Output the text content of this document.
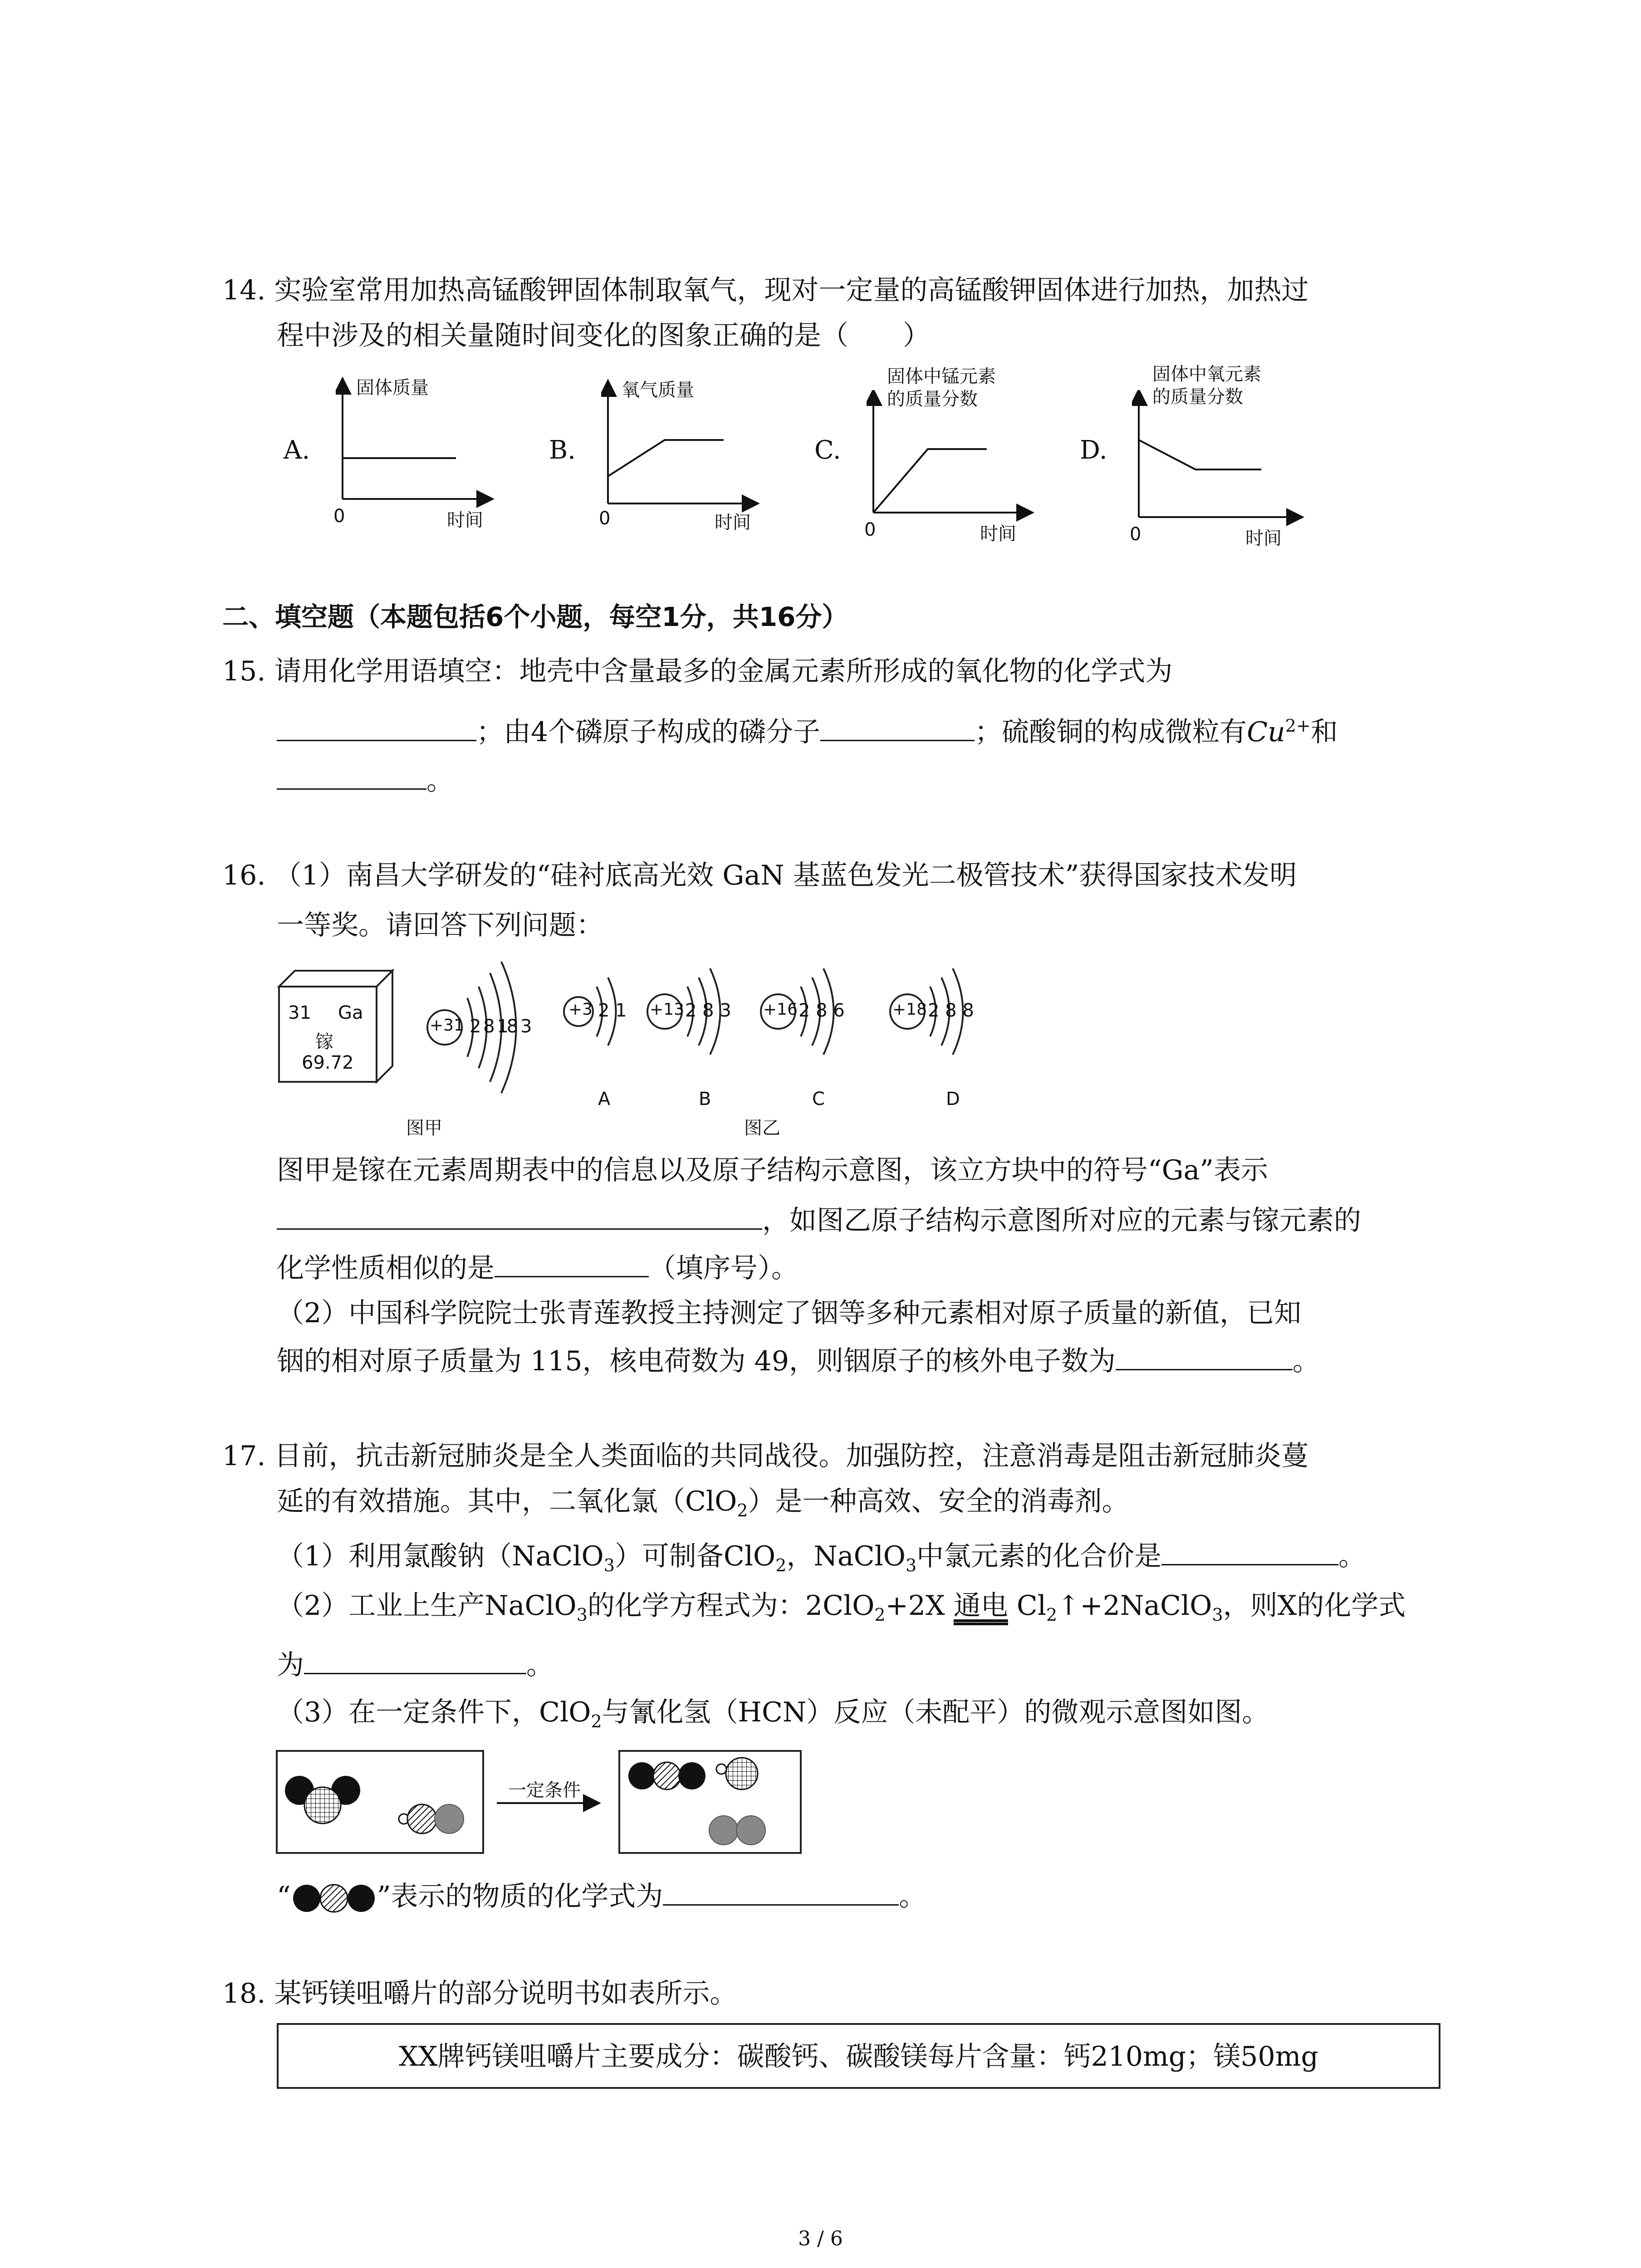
14. 实验室常用加热高锰酸钾固体制取氧气，现对一定量的高锰酸钾固体进行加热，加热过
程中涉及的相关量随时间变化的图象正确的是（　　）
A.
固体质量
0	时间
B.
氧气质量
0	时间
C.
固体中锰元素
的质量分数
0	时间
D.
固体中氧元素
的质量分数
0	时间
二、填空题（本题包括6个小题，每空1分，共16分）
15. 请用化学用语填空：地壳中含量最多的金属元素所形成的氧化物的化学式为
；由4个磷原子构成的磷分子	；硫酸铜的构成微粒有$Cu^{2+}$和
。
16. （1）南昌大学研发的“硅衬底高光效 GaN 基蓝色发光二极管技术”获得国家技术发明
一等奖。请回答下列问题：
31 Ga
镓
69.72
+31 2 8 18 3
+3 2 1
A
+13 2 8 3
B
+16 2 8 6
C
+18 2 8 8
D
图甲	图乙
图甲是镓在元素周期表中的信息以及原子结构示意图，该立方块中的符号“Ga”表示
，如图乙原子结构示意图所对应的元素与镓元素的
化学性质相似的是	（填序号）。
（2）中国科学院院士张青莲教授主持测定了铟等多种元素相对原子质量的新值，已知
铟的相对原子质量为 115，核电荷数为 49，则铟原子的核外电子数为	。
17. 目前，抗击新冠肺炎是全人类面临的共同战役。加强防控，注意消毒是阻击新冠肺炎蔓
延的有效措施。其中，二氧化氯（ClO$_2$）是一种高效、安全的消毒剂。
（1）利用氯酸钠（NaClO$_3$）可制备ClO$_2$，NaClO$_3$中氯元素的化合价是	。
（2）工业上生产NaClO$_3$的化学方程式为：2ClO$_2$+2X 通电 $Cl_2↑+2NaClO_3$，则X的化学式
为	。
（3）在一定条件下，ClO$_2$与氰化氢（HCN）反应（未配平）的微观示意图如图。
一定条件
“	”表示的物质的化学式为	。
18. 某钙镁咀嚼片的部分说明书如表所示。
XX牌钙镁咀嚼片主要成分：碳酸钙、碳酸镁每片含量：钙210mg；镁50mg
3 / 6
